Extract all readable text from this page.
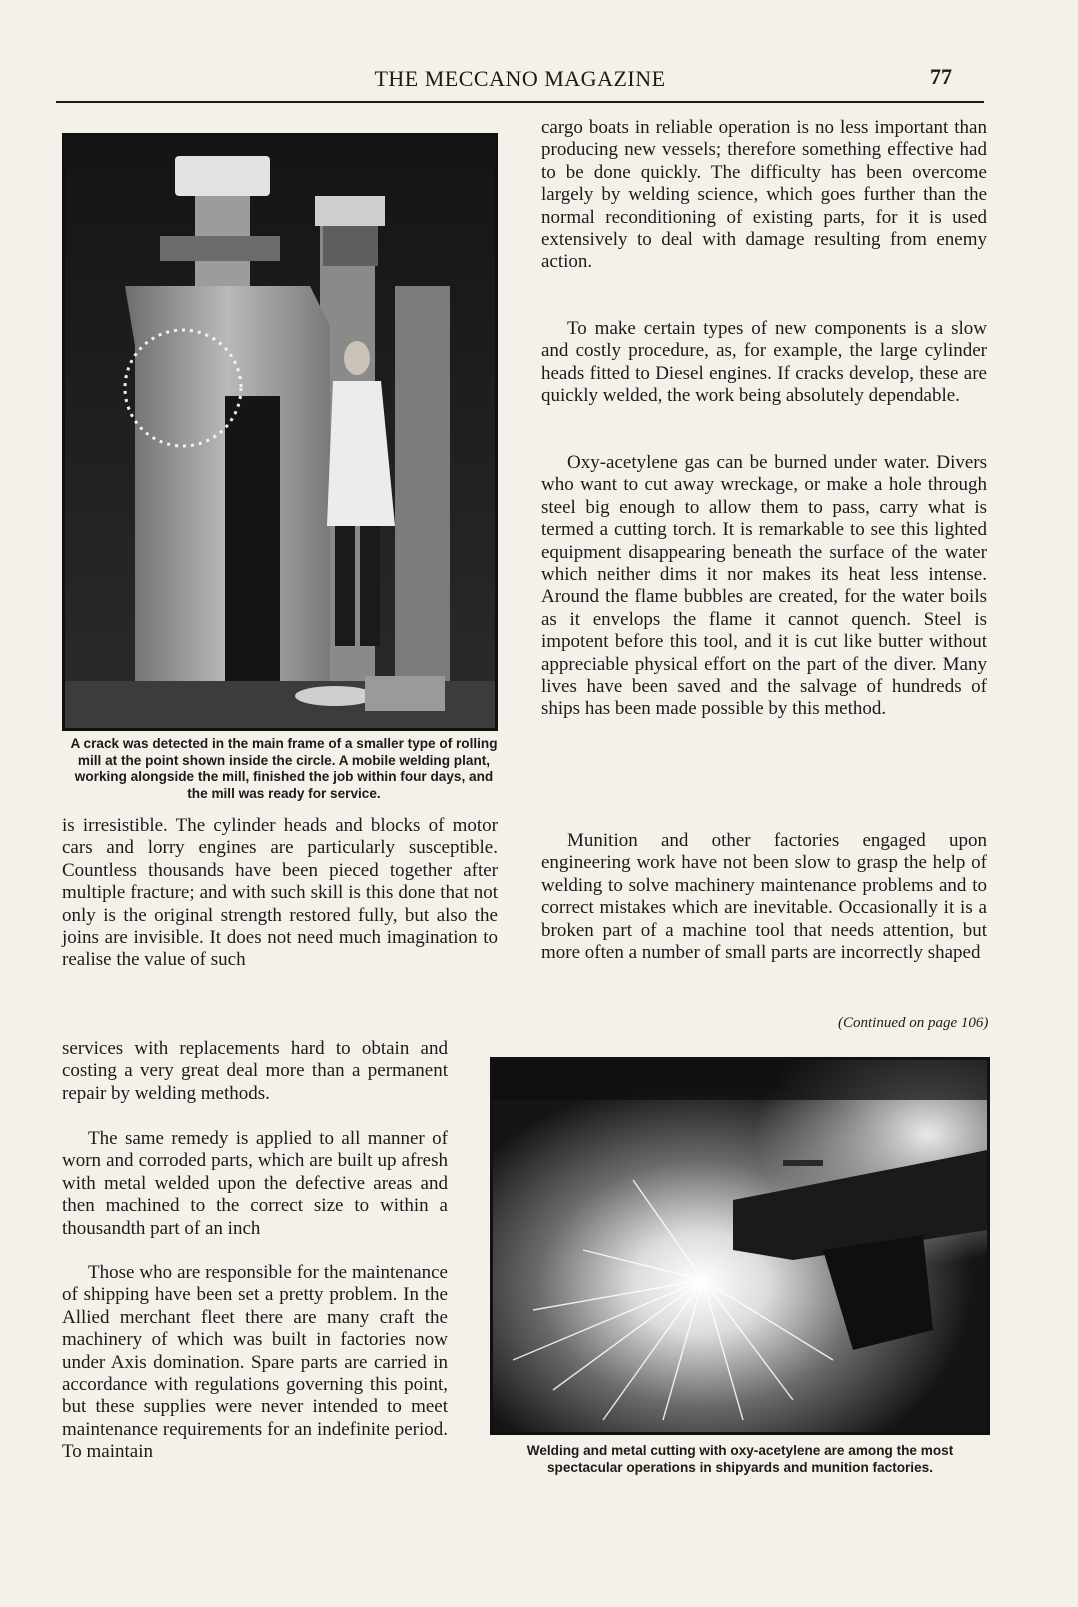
THE MECCANO MAGAZINE	77

A crack was detected in the main frame of a smaller type of rolling mill at the point shown inside the circle. A mobile welding plant, working alongside the mill, finished the job within four days, and the mill was ready for service.

is irresistible. The cylinder heads and blocks of motor cars and lorry engines are particularly susceptible. Countless thousands have been pieced together after multiple fracture; and with such skill is this done that not only is the original strength restored fully, but also the joins are invisible. It does not need much imagination to realise the value of such

services with replacements hard to obtain and costing a very great deal more than a permanent repair by welding methods.

The same remedy is applied to all manner of worn and corroded parts, which are built up afresh with metal welded upon the defective areas and then machined to the correct size to within a thousandth part of an inch

Those who are responsible for the maintenance of shipping have been set a pretty problem. In the Allied merchant fleet there are many craft the machinery of which was built in factories now under Axis domination. Spare parts are carried in accordance with regulations governing this point, but these supplies were never intended to meet maintenance requirements for an indefinite period. To maintain

cargo boats in reliable operation is no less important than producing new vessels; therefore something effective had to be done quickly. The difficulty has been overcome largely by welding science, which goes further than the normal reconditioning of existing parts, for it is used extensively to deal with damage resulting from enemy action.

To make certain types of new components is a slow and costly procedure, as, for example, the large cylinder heads fitted to Diesel engines. If cracks develop, these are quickly welded, the work being absolutely dependable.

Oxy-acetylene gas can be burned under water. Divers who want to cut away wreckage, or make a hole through steel big enough to allow them to pass, carry what is termed a cutting torch. It is remarkable to see this lighted equipment disappearing beneath the surface of the water which neither dims it nor makes its heat less intense. Around the flame bubbles are created, for the water boils as it envelops the flame it cannot quench. Steel is impotent before this tool, and it is cut like butter without appreciable physical effort on the part of the diver. Many lives have been saved and the salvage of hundreds of ships has been made possible by this method.

Munition and other factories engaged upon engineering work have not been slow to grasp the help of welding to solve machinery maintenance problems and to correct mistakes which are inevitable. Occasionally it is a broken part of a machine tool that needs attention, but more often a number of small parts are incorrectly shaped

(Continued on page 106)

Welding and metal cutting with oxy-acetylene are among the most spectacular operations in shipyards and munition factories.
